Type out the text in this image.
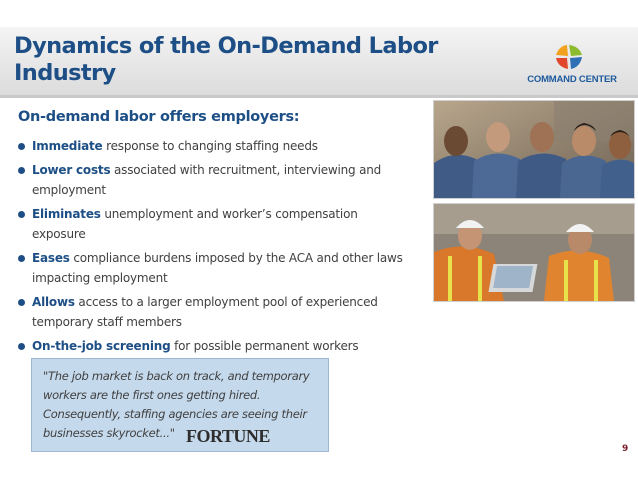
Dynamics of the On-Demand Labor Industry	COMMAND CENTER

On-demand labor offers employers:

Immediate response to changing staffing needs
Lower costs associated with recruitment, interviewing and employment
Eliminates unemployment and worker’s compensation exposure
Eases compliance burdens imposed by the ACA and other laws impacting employment
Allows access to a larger employment pool of experienced temporary staff members
On-the-job screening for possible permanent workers
"The job market is back on track, and temporary workers are the first ones getting hired. Consequently, staffing agencies are seeing their businesses skyrocket..." FORTUNE
9
